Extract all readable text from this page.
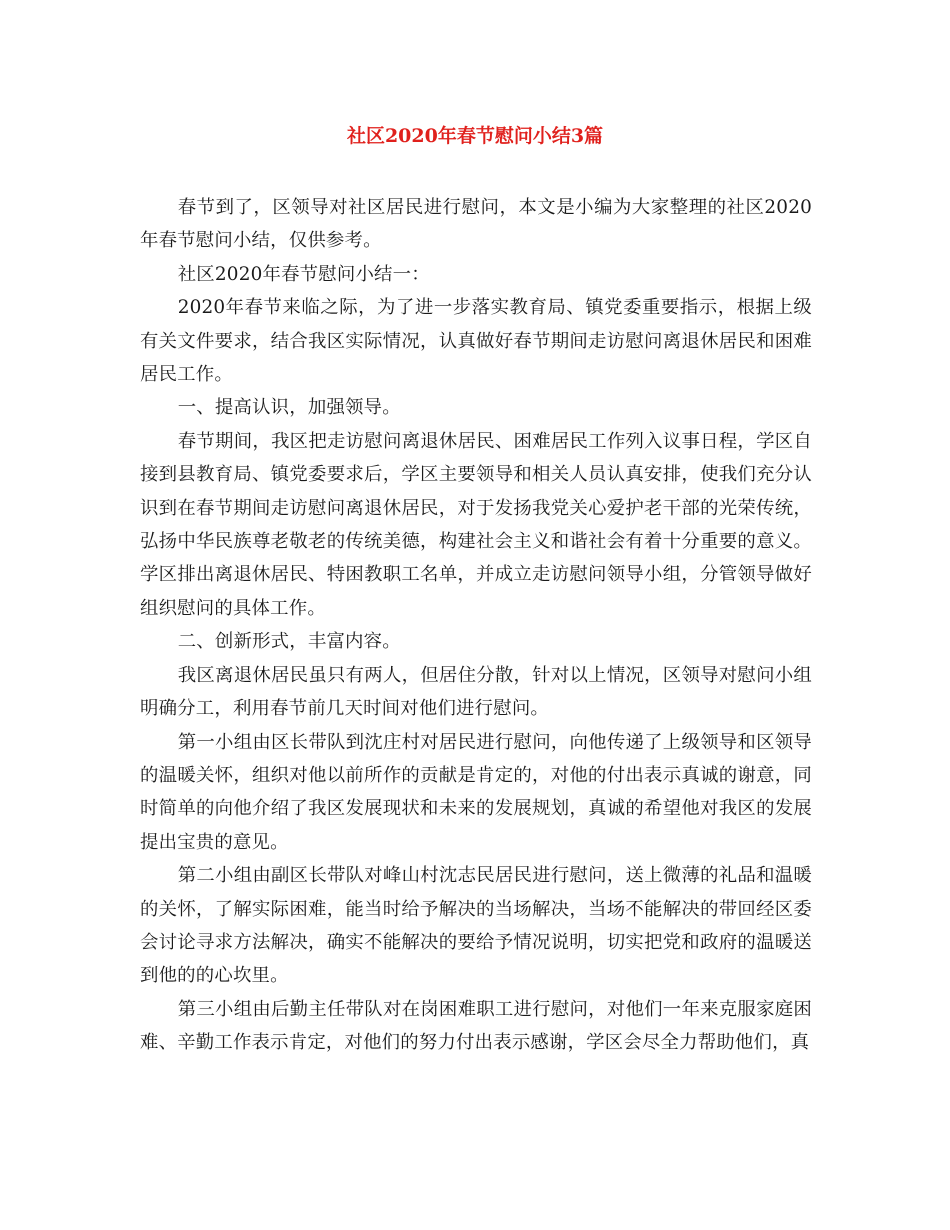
社区2020年春节慰问小结3篇

春节到了，区领导对社区居民进行慰问，本文是小编为大家整理的社区2020年春节慰问小结，仅供参考。

社区2020年春节慰问小结一：

2020年春节来临之际，为了进一步落实教育局、镇党委重要指示，根据上级有关文件要求，结合我区实际情况，认真做好春节期间走访慰问离退休居民和困难居民工作。

一、提高认识，加强领导。

春节期间，我区把走访慰问离退休居民、困难居民工作列入议事日程，学区自接到县教育局、镇党委要求后，学区主要领导和相关人员认真安排，使我们充分认识到在春节期间走访慰问离退休居民，对于发扬我党关心爱护老干部的光荣传统，弘扬中华民族尊老敬老的传统美德，构建社会主义和谐社会有着十分重要的意义。学区排出离退休居民、特困教职工名单，并成立走访慰问领导小组，分管领导做好组织慰问的具体工作。

二、创新形式，丰富内容。

我区离退休居民虽只有两人，但居住分散，针对以上情况，区领导对慰问小组明确分工，利用春节前几天时间对他们进行慰问。

第一小组由区长带队到沈庄村对居民进行慰问，向他传递了上级领导和区领导的温暖关怀，组织对他以前所作的贡献是肯定的，对他的付出表示真诚的谢意，同时简单的向他介绍了我区发展现状和未来的发展规划，真诚的希望他对我区的发展提出宝贵的意见。

第二小组由副区长带队对峰山村沈志民居民进行慰问，送上微薄的礼品和温暖的关怀，了解实际困难，能当时给予解决的当场解决，当场不能解决的带回经区委会讨论寻求方法解决，确实不能解决的要给予情况说明，切实把党和政府的温暖送到他的的心坎里。

第三小组由后勤主任带队对在岗困难职工进行慰问，对他们一年来克服家庭困难、辛勤工作表示肯定，对他们的努力付出表示感谢，学区会尽全力帮助他们，真
